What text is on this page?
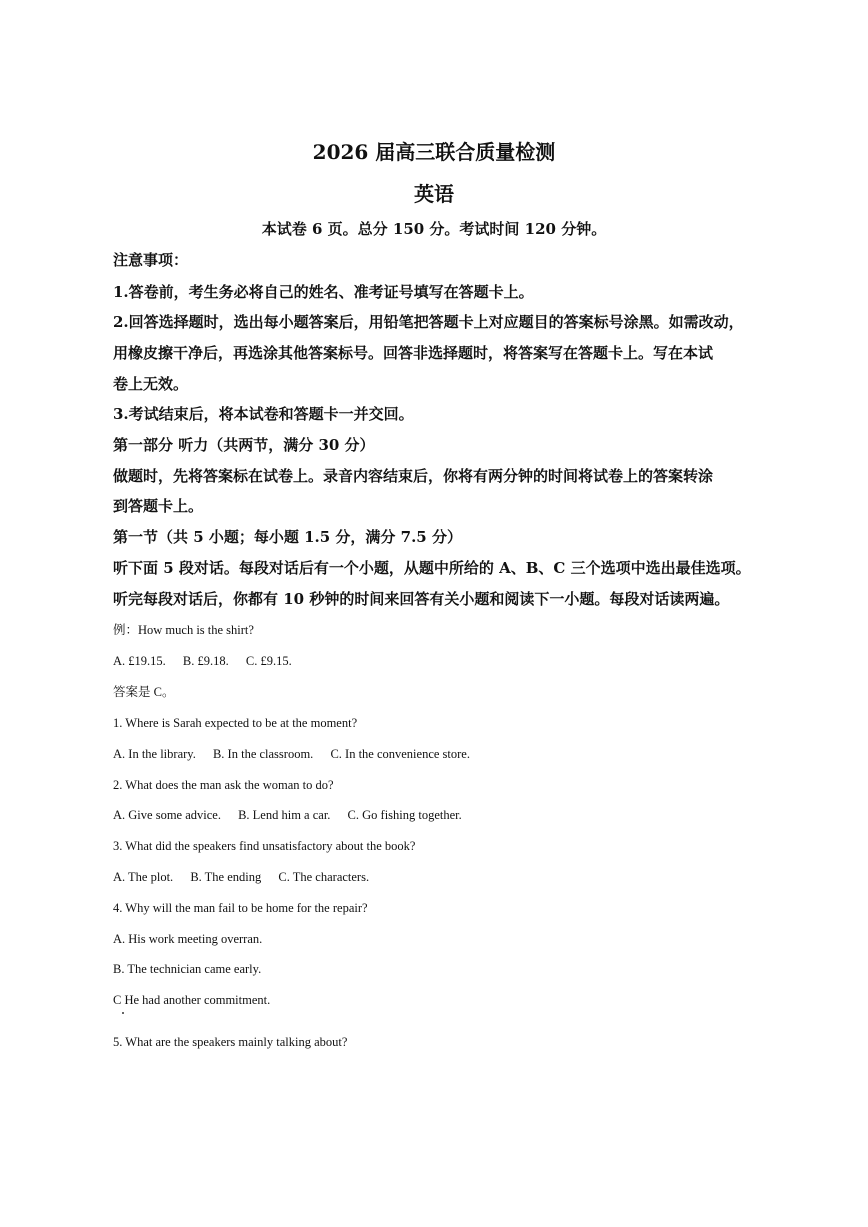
2026 届高三联合质量检测
英语
本试卷 6 页。总分 150 分。考试时间 120 分钟。
注意事项：
1.答卷前，考生务必将自己的姓名、准考证号填写在答题卡上。
2.回答选择题时，选出每小题答案后，用铅笔把答题卡上对应题目的答案标号涂黑。如需改动，
用橡皮擦干净后，再选涂其他答案标号。回答非选择题时，将答案写在答题卡上。写在本试
卷上无效。
3.考试结束后，将本试卷和答题卡一并交回。
第一部分 听力（共两节，满分 30 分）
做题时，先将答案标在试卷上。录音内容结束后，你将有两分钟的时间将试卷上的答案转涂
到答题卡上。
第一节（共 5 小题；每小题 1.5 分，满分 7.5 分）
听下面 5 段对话。每段对话后有一个小题，从题中所给的 A、B、C 三个选项中选出最佳选项。
听完每段对话后，你都有 10 秒钟的时间来回答有关小题和阅读下一小题。每段对话读两遍。
例：How much is the shirt?
A. £19.15. B. £9.18. C. £9.15.
答案是 C。
1. Where is Sarah expected to be at the moment?
A. In the library. B. In the classroom. C. In the convenience store.
2. What does the man ask the woman to do?
A. Give some advice. B. Lend him a car. C. Go fishing together.
3. What did the speakers find unsatisfactory about the book?
A. The plot. B. The ending C. The characters.
4. Why will the man fail to be home for the repair?
A. His work meeting overran.
B. The technician came early.
C He had another commitment.
5. What are the speakers mainly talking about?
